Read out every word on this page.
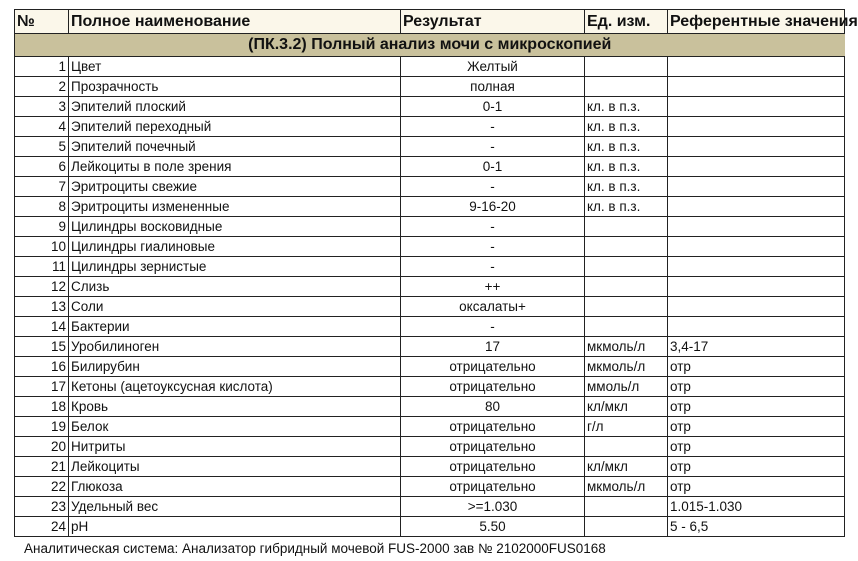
№	Полное наименование	Результат	Ед. изм.	Референтные значения
(ПК.3.2) Полный анализ мочи с микроскопией				
1	Цвет	Желтый		
2	Прозрачность	полная		
3	Эпителий плоский	0-1	кл. в п.з.	
4	Эпителий переходный	-	кл. в п.з.	
5	Эпителий почечный	-	кл. в п.з.	
6	Лейкоциты в поле зрения	0-1	кл. в п.з.	
7	Эритроциты свежие	-	кл. в п.з.	
8	Эритроциты измененные	9-16-20	кл. в п.з.	
9	Цилиндры восковидные	-		
10	Цилиндры гиалиновые	-		
11	Цилиндры зернистые	-		
12	Слизь	++		
13	Соли	оксалаты+		
14	Бактерии	-		
15	Уробилиноген	17	мкмоль/л	3,4-17
16	Билирубин	отрицательно	мкмоль/л	отр
17	Кетоны (ацетоуксусная кислота)	отрицательно	ммоль/л	отр
18	Кровь	80	кл/мкл	отр
19	Белок	отрицательно	г/л	отр
20	Нитриты	отрицательно		отр
21	Лейкоциты	отрицательно	кл/мкл	отр
22	Глюкоза	отрицательно	мкмоль/л	отр
23	Удельный вес	>=1.030		1.015-1.030
24	pH	5.50		5 - 6,5
Аналитическая система: Анализатор гибридный мочевой FUS-2000 зав № 2102000FUS0168
